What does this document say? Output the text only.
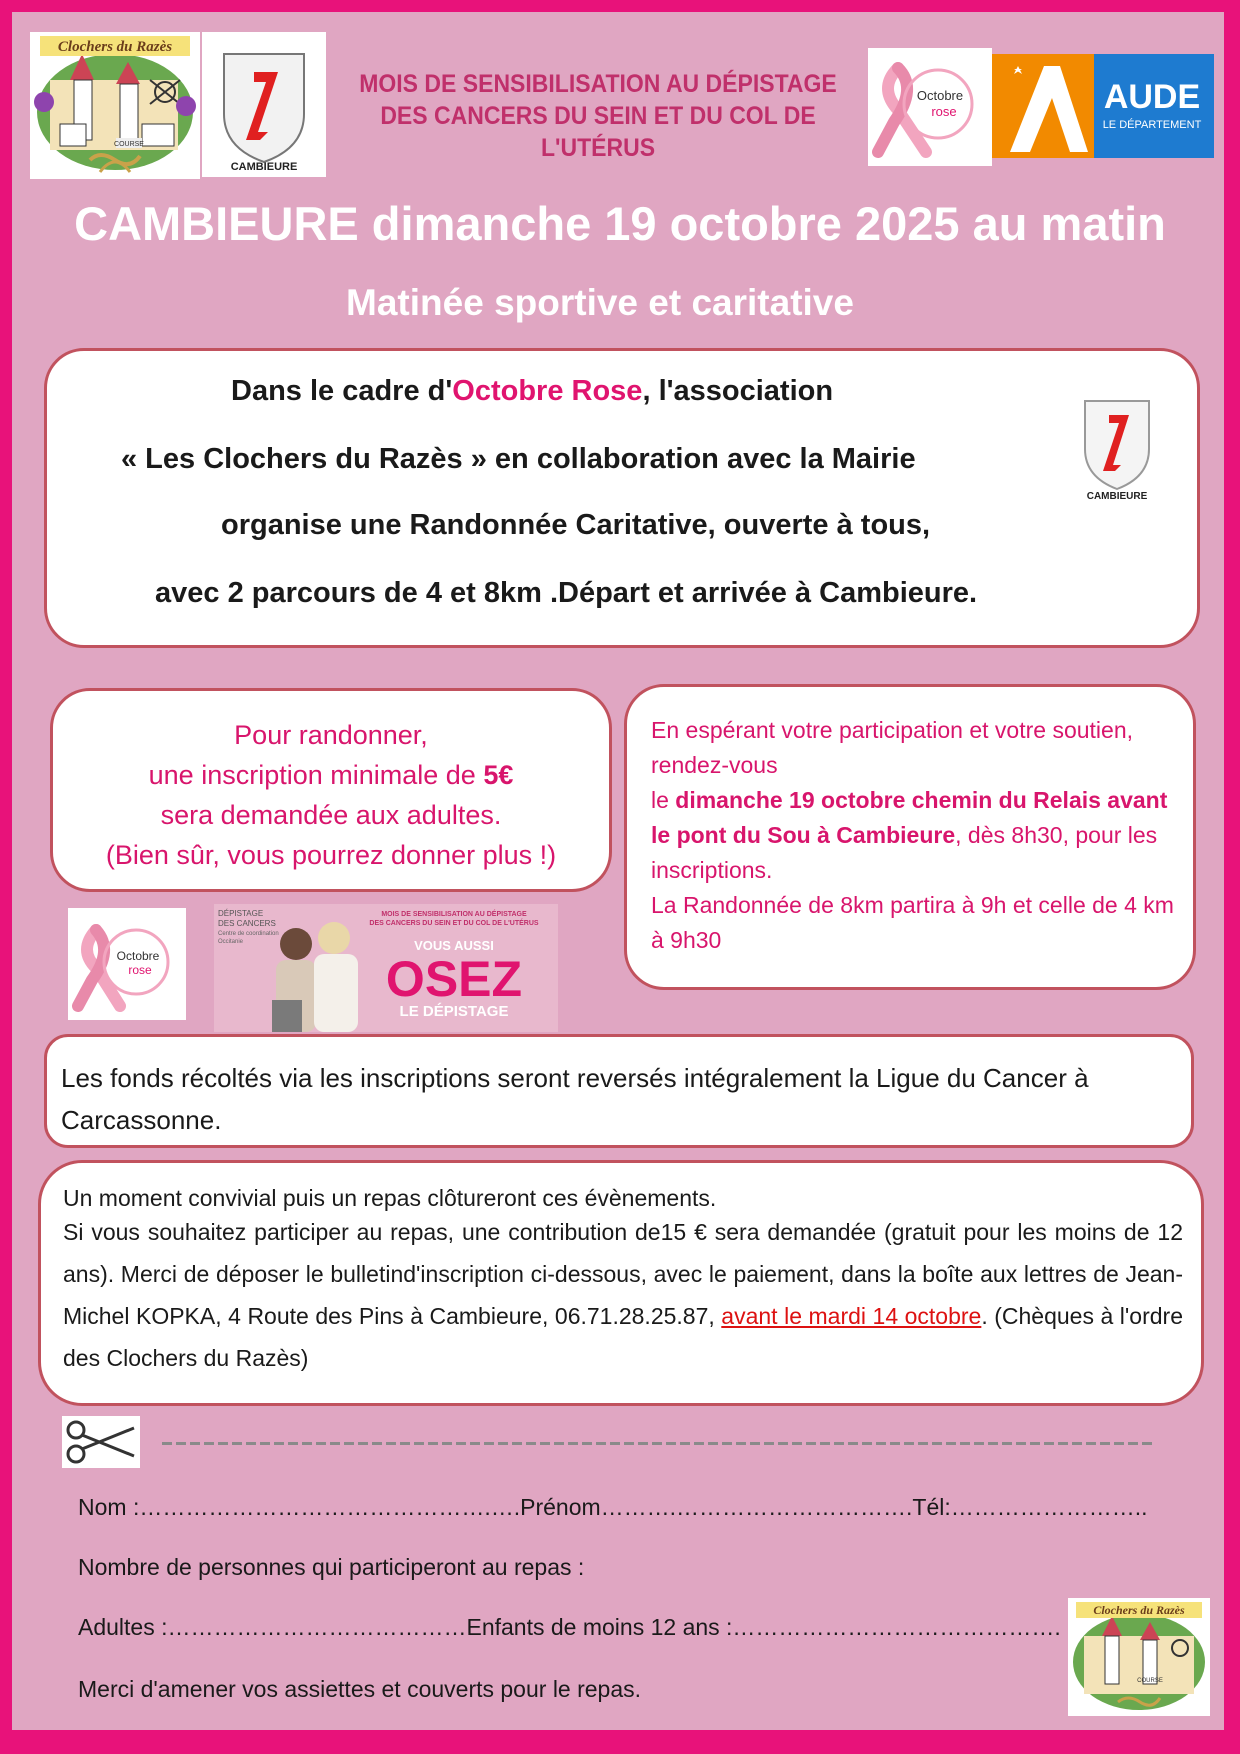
Clochers du Razès
COURSE
CAMBIEURE
MOIS DE SENSIBILISATION AU DÉPISTAGE
DES CANCERS DU SEIN ET DU COL DE L'UTÉRUS
Octobre
rose	AUDE
LE DÉPARTEMENT
CAMBIEURE dimanche 19 octobre 2025 au matin
Matinée sportive et caritative
Dans le cadre d'Octobre Rose, l'association
« Les Clochers du Razès » en collaboration avec la Mairie
organise une Randonnée Caritative, ouverte à tous,
avec 2 parcours de 4 et 8km .Départ et arrivée à Cambieure.
CAMBIEURE
Pour randonner,
une inscription minimale de 5€
sera demandée aux adultes.
(Bien sûr, vous pourrez donner plus !)
En espérant votre participation et votre soutien, rendez-vous
le dimanche 19 octobre chemin du Relais avant le pont du Sou à Cambieure, dès 8h30, pour les inscriptions.
La Randonnée de 8km partira à 9h et celle de 4 km à 9h30
Octobre
rose
DÉPISTAGE
DES CANCERS
Centre de coordination
Occitanie
MOIS DE SENSIBILISATION AU DÉPISTAGE
DES CANCERS DU SEIN ET DU COL DE L'UTÉRUS
VOUS AUSSI
OSEZ
LE DÉPISTAGE
Les fonds récoltés via les inscriptions seront reversés intégralement la Ligue du Cancer à Carcassonne.

Un moment convivial puis un repas clôtureront ces évènements.

Si vous souhaitez participer au repas, une contribution de15 € sera demandée (gratuit pour les moins de 12 ans). Merci de déposer le bulletind'inscription ci-dessous, avec le paiement, dans la boîte aux lettres de Jean-Michel KOPKA, 4 Route des Pins à Cambieure, 06.71.28.25.87, avant le mardi 14 octobre. (Chèques à l'ordre des Clochers du Razès)

Nom :……………………………………….….Prénom……….………………………….Tél:……………………..
Nombre de personnes qui participeront au repas :
Adultes :…………………………………Enfants de moins 12 ans :…………………………………….
Merci d'amener vos assiettes et couverts pour le repas.
Clochers du Razès
COURSE
